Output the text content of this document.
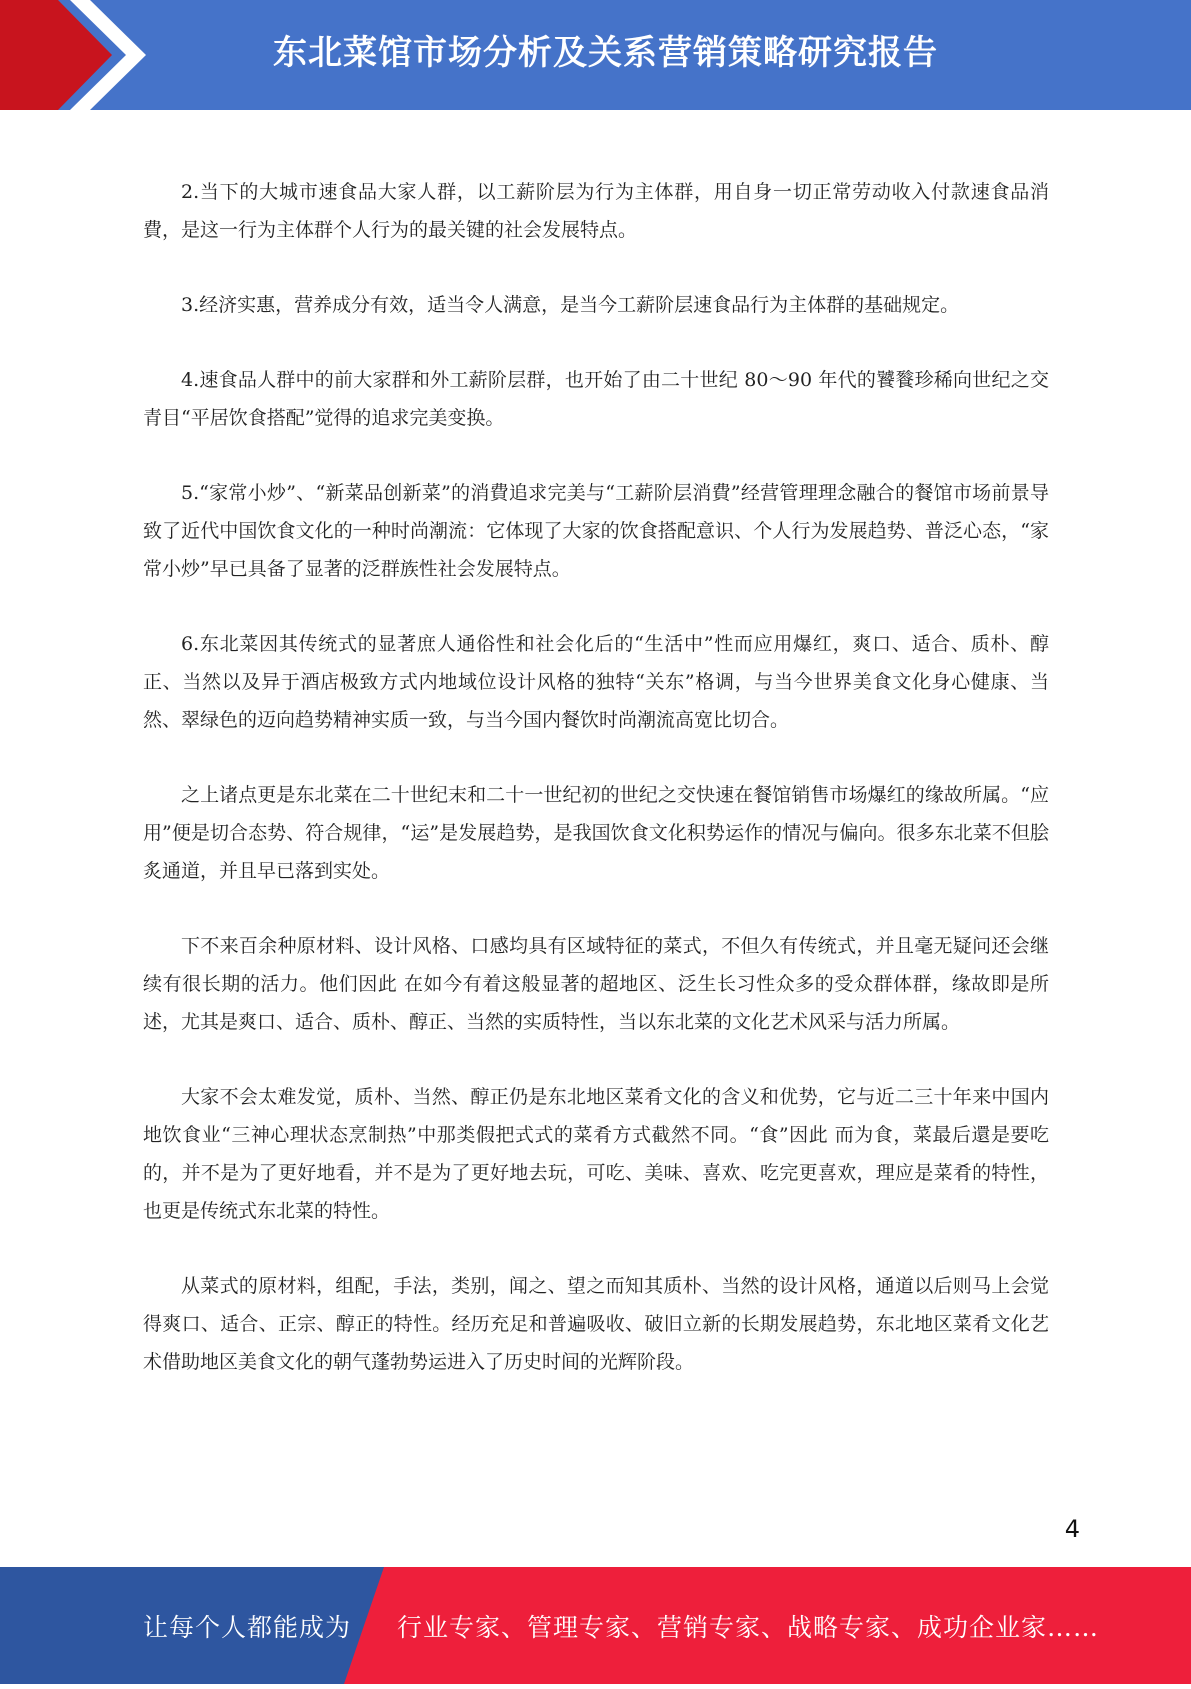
东北菜馆市场分析及关系营销策略研究报告

2.当下的大城市速食品大家人群，以工薪阶层为行为主体群，用自身一切正常劳动收入付款速食品消費，是这一行为主体群个人行为的最关键的社会发展特点。

3.经济实惠，营养成分有效，适当令人满意，是当今工薪阶层速食品行为主体群的基础规定。

4.速食品人群中的前大家群和外工薪阶层群，也开始了由二十世纪 80～90 年代的饕餮珍稀向世纪之交青目“平居饮食搭配”觉得的追求完美变换。

5.“家常小炒”、“新菜品创新菜”的消費追求完美与“工薪阶层消費”经营管理理念融合的餐馆市场前景导致了近代中国饮食文化的一种时尚潮流：它体现了大家的饮食搭配意识、个人行为发展趋势、普泛心态，“家常小炒”早已具备了显著的泛群族性社会发展特点。

6.东北菜因其传统式的显著庶人通俗性和社会化后的“生活中”性而应用爆红，爽口、适合、质朴、醇正、当然以及异于酒店极致方式内地域位设计风格的独特“关东”格调，与当今世界美食文化身心健康、当然、翠绿色的迈向趋势精神实质一致，与当今国内餐饮时尚潮流高宽比切合。

之上诸点更是东北菜在二十世纪末和二十一世纪初的世纪之交快速在餐馆销售市场爆红的缘故所属。“应用”便是切合态势、符合规律，“运”是发展趋势，是我国饮食文化积势运作的情况与偏向。很多东北菜不但脍炙通道，并且早已落到实处。

下不来百余种原材料、设计风格、口感均具有区域特征的菜式，不但久有传统式，并且毫无疑问还会继续有很长期的活力。他们因此 在如今有着这般显著的超地区、泛生长习性众多的受众群体群，缘故即是所述，尤其是爽口、适合、质朴、醇正、当然的实质特性，当以东北菜的文化艺术风采与活力所属。

大家不会太难发觉，质朴、当然、醇正仍是东北地区菜肴文化的含义和优势，它与近二三十年来中国内地饮食业“三神心理状态烹制热”中那类假把式式的菜肴方式截然不同。“食”因此 而为食，菜最后還是要吃的，并不是为了更好地看，并不是为了更好地去玩，可吃、美味、喜欢、吃完更喜欢，理应是菜肴的特性，也更是传统式东北菜的特性。

从菜式的原材料，组配，手法，类别，闻之、望之而知其质朴、当然的设计风格，通道以后则马上会觉得爽口、适合、正宗、醇正的特性。经历充足和普遍吸收、破旧立新的长期发展趋势，东北地区菜肴文化艺术借助地区美食文化的朝气蓬勃势运进入了历史时间的光辉阶段。

4
让每个人都能成为 行业专家、管理专家、营销专家、战略专家、成功企业家……
